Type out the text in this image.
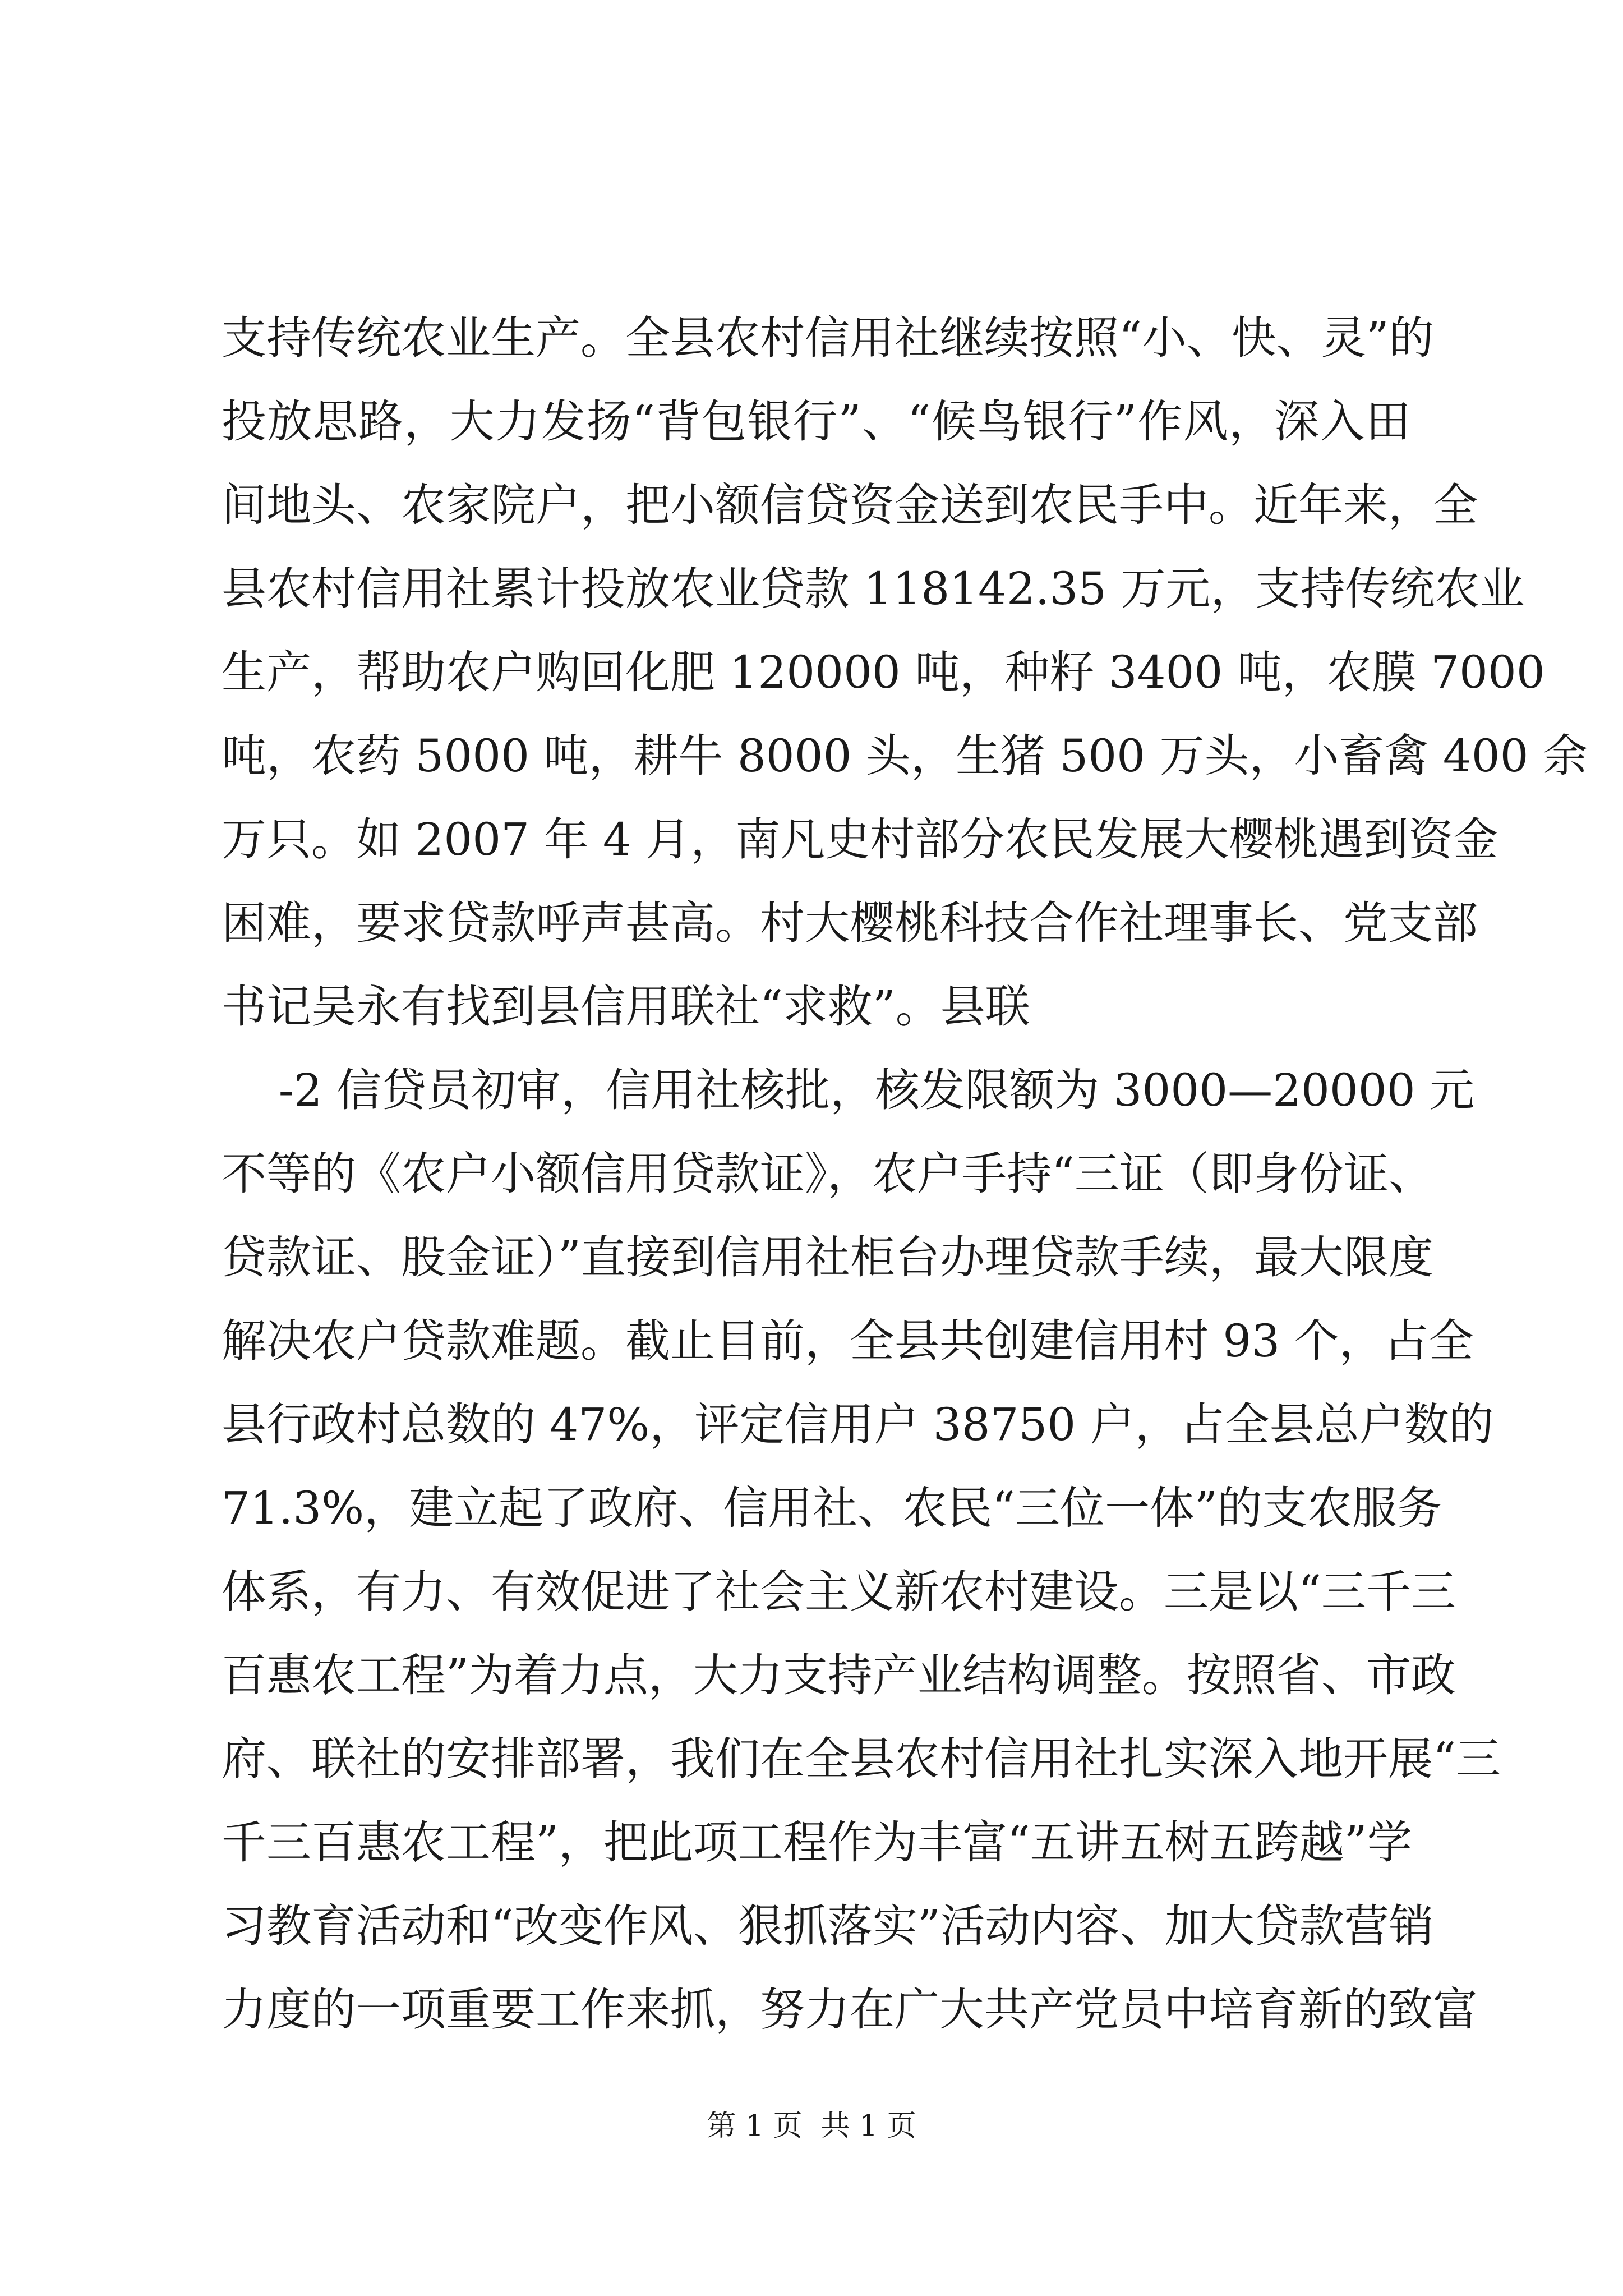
支持传统农业生产。全县农村信用社继续按照“小、快、灵”的
投放思路，大力发扬“背包银行”、“候鸟银行”作风，深入田
间地头、农家院户，把小额信贷资金送到农民手中。近年来，全
县农村信用社累计投放农业贷款 118142.35 万元，支持传统农业
生产，帮助农户购回化肥 120000 吨，种籽 3400 吨，农膜 7000
吨，农药 5000 吨，耕牛 8000 头，生猪 500 万头，小畜禽 400 余
万只。如 2007 年 4 月，南凡史村部分农民发展大樱桃遇到资金
困难，要求贷款呼声甚高。村大樱桃科技合作社理事长、党支部
书记吴永有找到县信用联社“求救”。县联
-2 信贷员初审，信用社核批，核发限额为 3000—20000 元
不等的《农户小额信用贷款证》，农户手持“三证（即身份证、
贷款证、股金证）”直接到信用社柜台办理贷款手续，最大限度
解决农户贷款难题。截止目前，全县共创建信用村 93 个，占全
县行政村总数的 47%，评定信用户 38750 户，占全县总户数的
71.3%，建立起了政府、信用社、农民“三位一体”的支农服务
体系，有力、有效促进了社会主义新农村建设。三是以“三千三
百惠农工程”为着力点，大力支持产业结构调整。按照省、市政
府、联社的安排部署，我们在全县农村信用社扎实深入地开展“三
千三百惠农工程”，把此项工程作为丰富“五讲五树五跨越”学
习教育活动和“改变作风、狠抓落实”活动内容、加大贷款营销
力度的一项重要工作来抓，努力在广大共产党员中培育新的致富
第 1 页  共 1 页
